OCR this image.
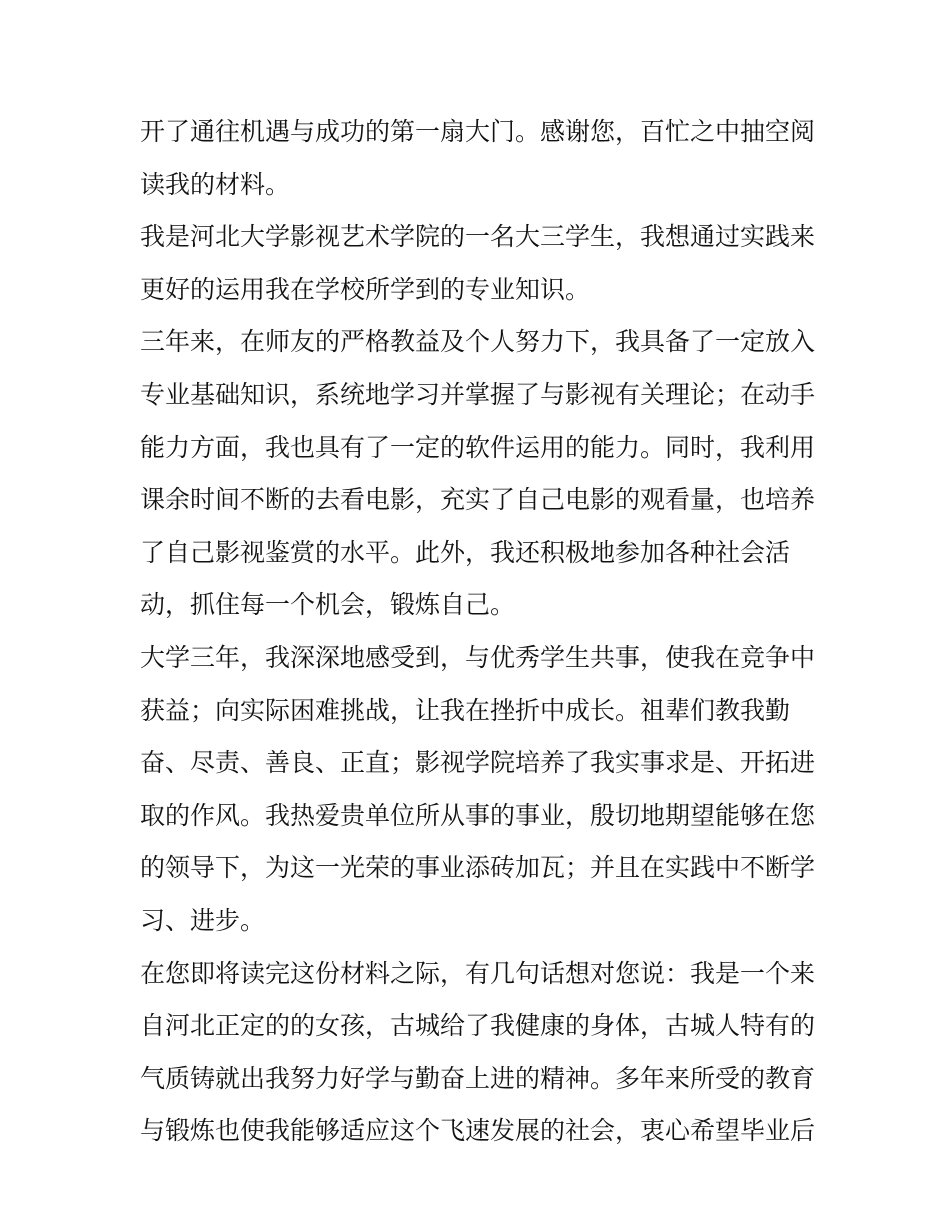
开了通往机遇与成功的第一扇大门。感谢您，百忙之中抽空阅
读我的材料。
我是河北大学影视艺术学院的一名大三学生，我想通过实践来
更好的运用我在学校所学到的专业知识。
三年来，在师友的严格教益及个人努力下，我具备了一定放入
专业基础知识，系统地学习并掌握了与影视有关理论；在动手
能力方面，我也具有了一定的软件运用的能力。同时，我利用
课余时间不断的去看电影，充实了自己电影的观看量，也培养
了自己影视鉴赏的水平。此外，我还积极地参加各种社会活
动，抓住每一个机会，锻炼自己。
大学三年，我深深地感受到，与优秀学生共事，使我在竞争中
获益；向实际困难挑战，让我在挫折中成长。祖辈们教我勤
奋、尽责、善良、正直；影视学院培养了我实事求是、开拓进
取的作风。我热爱贵单位所从事的事业，殷切地期望能够在您
的领导下，为这一光荣的事业添砖加瓦；并且在实践中不断学
习、进步。
在您即将读完这份材料之际，有几句话想对您说：我是一个来
自河北正定的的女孩，古城给了我健康的身体，古城人特有的
气质铸就出我努力好学与勤奋上进的精神。多年来所受的教育
与锻炼也使我能够适应这个飞速发展的社会，衷心希望毕业后
